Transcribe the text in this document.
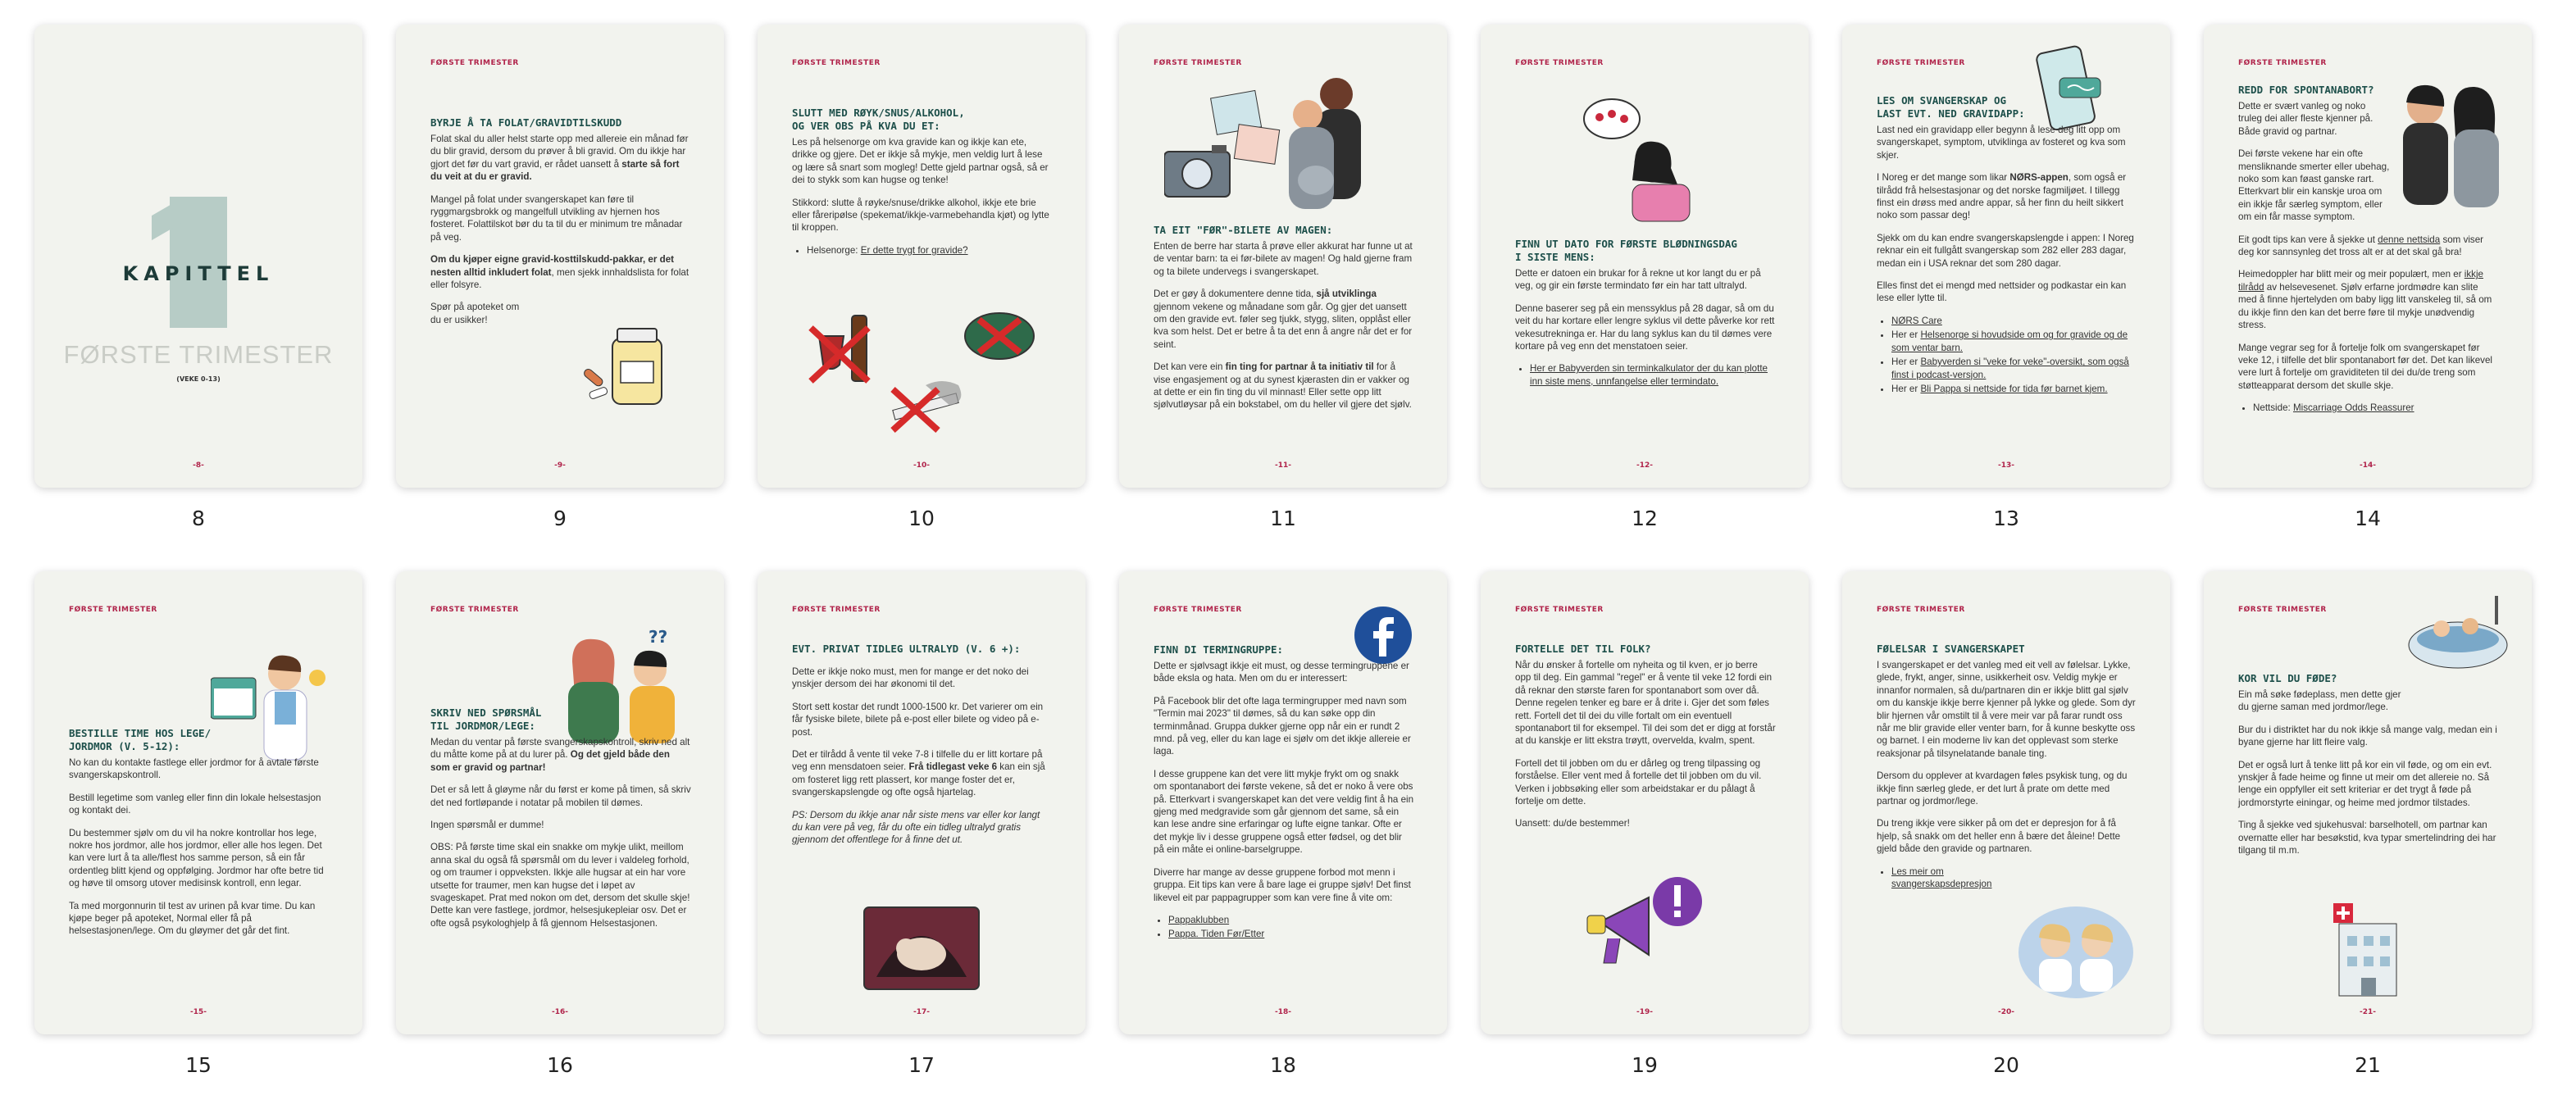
KAPITTEL
FØRSTE TRIMESTER
(VEKE 0-13)
-8-
8
FØRSTE TRIMESTER
BYRJE Å TA FOLAT/GRAVIDTILSKUDD

Folat skal du aller helst starte opp med allereie ein månad før du blir gravid, dersom du prøver å bli gravid. Om du ikkje har gjort det før du vart gravid, er rådet uansett å starte så fort du veit at du er gravid.

Mangel på folat under svangerskapet kan føre til ryggmargsbrokk og mangelfull utvikling av hjernen hos fosteret. Folattilskot bør du ta til du er minimum tre månadar på veg.

Om du kjøper eigne gravid-kosttilskudd-pakkar, er det nesten alltid inkludert folat, men sjekk innhaldslista for folat eller folsyre.

Spør på apoteket om du er usikker!

-9-
9
FØRSTE TRIMESTER
SLUTT MED RØYK/SNUS/ALKOHOL,
OG VER OBS PÅ KVA DU ET:

Les på helsenorge om kva gravide kan og ikkje kan ete, drikke og gjere. Det er ikkje så mykje, men veldig lurt å lese og lære så snart som mogleg! Dette gjeld partnar også, så er dei to stykk som kan hugse og tenke!

Stikkord: slutte å røyke/snuse/drikke alkohol, ikkje ete brie eller fåreripølse (spekemat/ikkje-varmebehandla kjøt) og lytte til kroppen.

• Helsenorge: Er dette trygt for gravide?
-10-
10
FØRSTE TRIMESTER
TA EIT "FØR"-BILETE AV MAGEN:

Enten de berre har starta å prøve eller akkurat har funne ut at de ventar barn: ta ei før-bilete av magen! Og hald gjerne fram og ta bilete undervegs i svangerskapet.

Det er gøy å dokumentere denne tida, sjå utviklinga gjennom vekene og månadane som går. Og gjer det uansett om den gravide evt. føler seg tjukk, stygg, sliten, opplåst eller kva som helst. Det er betre å ta det enn å angre når det er for seint.

Det kan vere ein fin ting for partnar å ta initiativ til for å vise engasjement og at du synest kjærasten din er vakker og at dette er ein fin ting du vil minnast! Eller sette opp litt sjølvutløysar på ein bokstabel, om du heller vil gjere det sjølv.

-11-
11
FØRSTE TRIMESTER
FINN UT DATO FOR FØRSTE BLØDNINGSDAG
I SISTE MENS:

Dette er datoen ein brukar for å rekne ut kor langt du er på veg, og gir ein første termindato før ein har tatt ultralyd.

Denne baserer seg på ein menssyklus på 28 dagar, så om du veit du har kortare eller lengre syklus vil dette påverke kor rett vekesutrekninga er. Har du lang syklus kan du til dømes vere kortare på veg enn det menstatoen seier.

• Her er Babyverden sin terminkalkulator der du kan plotte inn siste mens, unnfangelse eller termindato.
-12-
12
FØRSTE TRIMESTER
LES OM SVANGERSKAP OG
LAST EVT. NED GRAVIDAPP:

Last ned ein gravidapp eller begynn å lese deg litt opp om svangerskapet, symptom, utviklinga av fosteret og kva som skjer.

I Noreg er det mange som likar NØRS-appen, som også er tilrådd frå helsestasjonar og det norske fagmiljøet. I tillegg finst ein drøss med andre appar, så her finn du heilt sikkert noko som passar deg!

Sjekk om du kan endre svangerskapslengde i appen: I Noreg reknar ein eit fullgått svangerskap som 282 eller 283 dagar, medan ein i USA reknar det som 280 dagar.

Elles finst det ei mengd med nettsider og podkastar ein kan lese eller lytte til.

• NØRS Care
• Her er Helsenorge si hovudside om og for gravide og de som ventar barn.
• Her er Babyverden si "veke for veke"-oversikt, som også finst i podcast-versjon.
• Her er Bli Pappa si nettside for tida før barnet kjem.
-13-
13
FØRSTE TRIMESTER
REDD FOR SPONTANABORT?

Dette er svært vanleg og noko truleg dei aller fleste kjenner på. Både gravid og partnar.

Dei første vekene har ein ofte mensliknande smerter eller ubehag, noko som kan føast ganske rart. Etterkvart blir ein kanskje uroa om ein ikkje får særleg symptom, eller om ein får masse symptom.

Eit godt tips kan vere å sjekke ut denne nettsida som viser deg kor sannsynleg det tross alt er at det skal gå bra!

Heimedoppler har blitt meir og meir populært, men er ikkje tilrådd av helsevesenet. Sjølv erfarne jordmødre kan slite med å finne hjertelyden om baby ligg litt vanskeleg til, så om du ikkje finn den kan det berre føre til mykje unødvendig stress.

Mange vegrar seg for å fortelje folk om svangerskapet før veke 12, i tilfelle det blir spontanabort før det. Det kan likevel vere lurt å fortelje om graviditeten til dei du/de treng som støtteapparat dersom det skulle skje.

• Nettside: Miscarriage Odds Reassurer
-14-
14
FØRSTE TRIMESTER
BESTILLE TIME HOS LEGE/
JORDMOR (V. 5-12):

No kan du kontakte fastlege eller jordmor for å avtale første svangerskapskontroll.

Bestill legetime som vanleg eller finn din lokale helsestasjon og kontakt dei.

Du bestemmer sjølv om du vil ha nokre kontrollar hos lege, nokre hos jordmor, alle hos jordmor, eller alle hos legen. Det kan vere lurt å ta alle/flest hos samme person, så ein får ordentleg blitt kjend og oppfølging. Jordmor har ofte betre tid og høve til omsorg utover medisinsk kontroll, enn legar.

Ta med morgonnurin til test av urinen på kvar time. Du kan kjøpe beger på apoteket, Normal eller få på helsestasjonen/lege. Om du gløymer det går det fint.

-15-
15
FØRSTE TRIMESTER
??
SKRIV NED SPØRSMÅL
TIL JORDMOR/LEGE:

Medan du ventar på første svangerskapskontroll, skriv ned alt du måtte kome på at du lurer på. Og det gjeld både den som er gravid og partnar!

Det er så lett å gløyme når du først er kome på timen, så skriv det ned fortløpande i notatar på mobilen til dømes.

Ingen spørsmål er dumme!

OBS: På første time skal ein snakke om mykje ulikt, meillom anna skal du også få spørsmål om du lever i valdeleg forhold, og om traumer i oppveksten. Ikkje alle hugsar at ein har vore utsette for traumer, men kan hugse det i løpet av svageskapet. Prat med nokon om det, dersom det skulle skje! Dette kan vere fastlege, jordmor, helsesjukepleiar osv. Det er ofte også psykologhjelp å få gjennom Helsestasjonen.

-16-
16
FØRSTE TRIMESTER
EVT. PRIVAT TIDLEG ULTRALYD (V. 6 +):

Dette er ikkje noko must, men for mange er det noko dei ynskjer dersom dei har økonomi til det.

Stort sett kostar det rundt 1000-1500 kr. Det varierer om ein får fysiske bilete, bilete på e-post eller bilete og video på e-post.

Det er tilrådd å vente til veke 7-8 i tilfelle du er litt kortare på veg enn mensdatoen seier. Frå tidlegast veke 6 kan ein sjå om fosteret ligg rett plassert, kor mange foster det er, svangerskapslengde og ofte også hjartelag.

PS: Dersom du ikkje anar når siste mens var eller kor langt du kan vere på veg, får du ofte ein tidleg ultralyd gratis gjennom det offentlege for å finne det ut.

-17-
17
FØRSTE TRIMESTER
FINN DI TERMINGRUPPE:

Dette er sjølvsagt ikkje eit must, og desse termingruppene er både eksla og hata. Men om du er interessert:

På Facebook blir det ofte laga termingrupper med navn som "Termin mai 2023" til dømes, så du kan søke opp din terminmånad. Gruppa dukker gjerne opp når ein er rundt 2 mnd. på veg, eller du kan lage ei sjølv om det ikkje allereie er laga.

I desse gruppene kan det vere litt mykje frykt om og snakk om spontanabort dei første vekene, så det er noko å vere obs på. Etterkvart i svangerskapet kan det vere veldig fint å ha ein gjeng med medgravide som går gjennom det same, så ein kan lese andre sine erfaringar og lufte eigne tankar. Ofte er det mykje liv i desse gruppene også etter fødsel, og det blir på ein måte ei online-barselgruppe.

Diverre har mange av desse gruppene forbod mot menn i gruppa. Eit tips kan vere å bare lage ei gruppe sjølv! Det finst likevel eit par pappagrupper som kan vere fine å vite om:

• Pappaklubben
• Pappa. Tiden Før/Etter
-18-
18
FØRSTE TRIMESTER
FORTELLE DET TIL FOLK?

Når du ønsker å fortelle om nyheita og til kven, er jo berre opp til deg. Ein gammal "regel" er å vente til veke 12 fordi ein då reknar den største faren for spontanabort som over då. Denne regelen tenker eg bare er å drite i. Gjer det som føles rett. Fortell det til dei du ville fortalt om ein eventuell spontanabort til for eksempel. Til dei som det er digg at forstår at du kanskje er litt ekstra trøytt, overvelda, kvalm, spent.

Fortell det til jobben om du er dårleg og treng tilpassing og forståelse. Eller vent med å fortelle det til jobben om du vil. Verken i jobbsøking eller som arbeidstakar er du pålagt å fortelje om dette.

Uansett: du/de bestemmer!

-19-
19
FØRSTE TRIMESTER
FØLELSAR I SVANGERSKAPET

I svangerskapet er det vanleg med eit vell av følelsar. Lykke, glede, frykt, anger, sinne, usikkerheit osv. Veldig mykje er innanfor normalen, så du/partnaren din er ikkje blitt gal sjølv om du kanskje ikkje berre kjenner på lykke og glede. Som dyr blir hjernen vår omstilt til å vere meir var på farar rundt oss når me blir gravide eller venter barn, for å kunne beskytte oss og barnet. I ein moderne liv kan det opplevast som sterke reaksjonar på tilsynelatande banale ting.

Dersom du opplever at kvardagen føles psykisk tung, og du ikkje finn særleg glede, er det lurt å prate om dette med partnar og jordmor/lege.

Du treng ikkje vere sikker på om det er depresjon for å få hjelp, så snakk om det heller enn å bære det åleine! Dette gjeld både den gravide og partnaren.

• Les meir om svangerskapsdepresjon
-20-
20
FØRSTE TRIMESTER
KOR VIL DU FØDE?

Ein må søke fødeplass, men dette gjer du gjerne saman med jordmor/lege.

Bur du i distriktet har du nok ikkje så mange valg, medan ein i byane gjerne har litt fleire valg.

Det er også lurt å tenke litt på kor ein vil føde, og om ein evt. ynskjer å fade heime og finne ut meir om det allereie no. Så lenge ein oppfyller eit sett kriteriar er det trygt å føde på jordmorstyrte einingar, og heime med jordmor tilstades.

Ting å sjekke ved sjukehusval: barselhotell, om partnar kan overnatte eller har besøkstid, kva typar smertelindring dei har tilgang til m.m.

-21-
21
